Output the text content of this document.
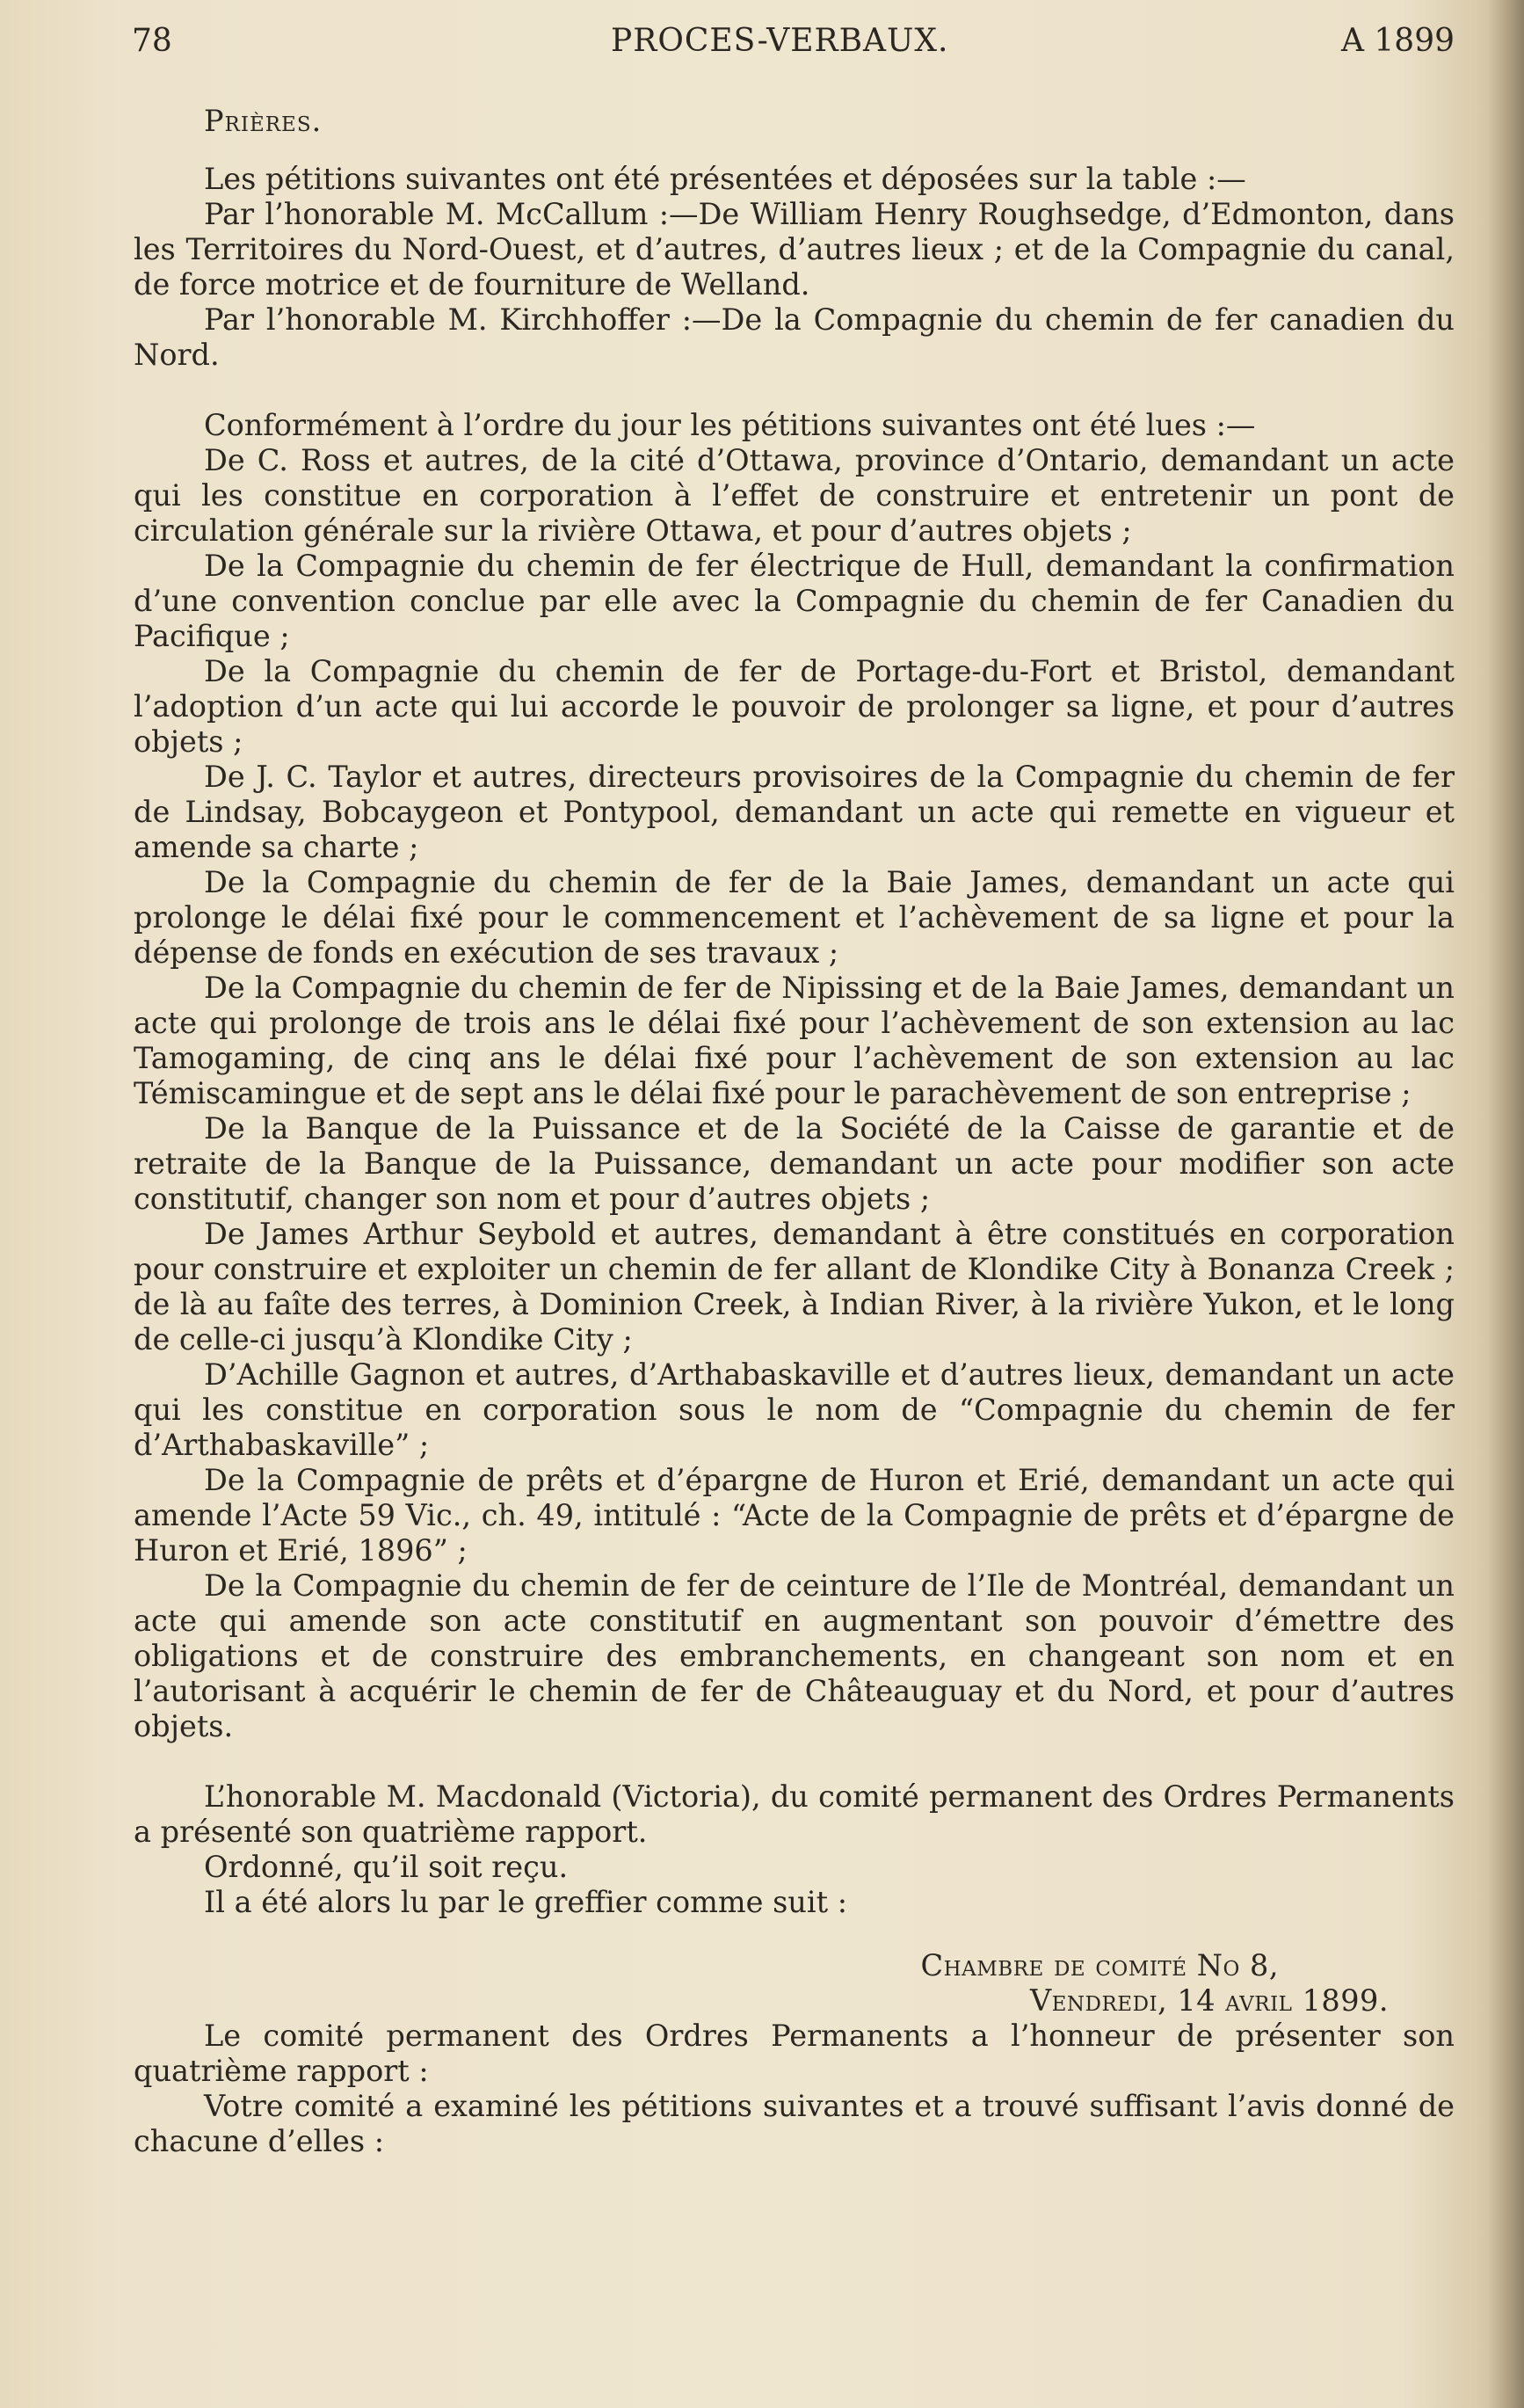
78	PROCES-VERBAUX.	A 1899
Prières.

Les pétitions suivantes ont été présentées et déposées sur la table :—

Par l’honorable M. McCallum :—De William Henry Roughsedge, d’Edmonton, dans les Territoires du Nord-Ouest, et d’autres, d’autres lieux ; et de la Compagnie du canal, de force motrice et de fourniture de Welland.

Par l’honorable M. Kirchhoffer :—De la Compagnie du chemin de fer canadien du Nord.

Conformément à l’ordre du jour les pétitions suivantes ont été lues :—

De C. Ross et autres, de la cité d’Ottawa, province d’Ontario, demandant un acte qui les constitue en corporation à l’effet de construire et entretenir un pont de circulation générale sur la rivière Ottawa, et pour d’autres objets ;

De la Compagnie du chemin de fer électrique de Hull, demandant la confirmation d’une convention conclue par elle avec la Compagnie du chemin de fer Canadien du Pacifique ;

De la Compagnie du chemin de fer de Portage-du-Fort et Bristol, demandant l’adoption d’un acte qui lui accorde le pouvoir de prolonger sa ligne, et pour d’autres objets ;

De J. C. Taylor et autres, directeurs provisoires de la Compagnie du chemin de fer de Lindsay, Bobcaygeon et Pontypool, demandant un acte qui remette en vigueur et amende sa charte ;

De la Compagnie du chemin de fer de la Baie James, demandant un acte qui prolonge le délai fixé pour le commencement et l’achèvement de sa ligne et pour la dépense de fonds en exécution de ses travaux ;

De la Compagnie du chemin de fer de Nipissing et de la Baie James, demandant un acte qui prolonge de trois ans le délai fixé pour l’achèvement de son extension au lac Tamogaming, de cinq ans le délai fixé pour l’achèvement de son extension au lac Témiscamingue et de sept ans le délai fixé pour le parachèvement de son entreprise ;

De la Banque de la Puissance et de la Société de la Caisse de garantie et de retraite de la Banque de la Puissance, demandant un acte pour modifier son acte constitutif, changer son nom et pour d’autres objets ;

De James Arthur Seybold et autres, demandant à être constitués en corporation pour construire et exploiter un chemin de fer allant de Klondike City à Bonanza Creek ; de là au faîte des terres, à Dominion Creek, à Indian River, à la rivière Yukon, et le long de celle-ci jusqu’à Klondike City ;

D’Achille Gagnon et autres, d’Arthabaskaville et d’autres lieux, demandant un acte qui les constitue en corporation sous le nom de “Compagnie du chemin de fer d’Arthabaskaville” ;

De la Compagnie de prêts et d’épargne de Huron et Erié, demandant un acte qui amende l’Acte 59 Vic., ch. 49, intitulé : “Acte de la Compagnie de prêts et d’épargne de Huron et Erié, 1896” ;

De la Compagnie du chemin de fer de ceinture de l’Ile de Montréal, demandant un acte qui amende son acte constitutif en augmentant son pouvoir d’émettre des obligations et de construire des embranchements, en changeant son nom et en l’autorisant à acquérir le chemin de fer de Châteauguay et du Nord, et pour d’autres objets.

L’honorable M. Macdonald (Victoria), du comité permanent des Ordres Permanents a présenté son quatrième rapport.

Ordonné, qu’il soit reçu.

Il a été alors lu par le greffier comme suit :

Chambre de comité No 8,
Vendredi, 14 avril 1899.

Le comité permanent des Ordres Permanents a l’honneur de présenter son quatrième rapport :

Votre comité a examiné les pétitions suivantes et a trouvé suffisant l’avis donné de chacune d’elles :
